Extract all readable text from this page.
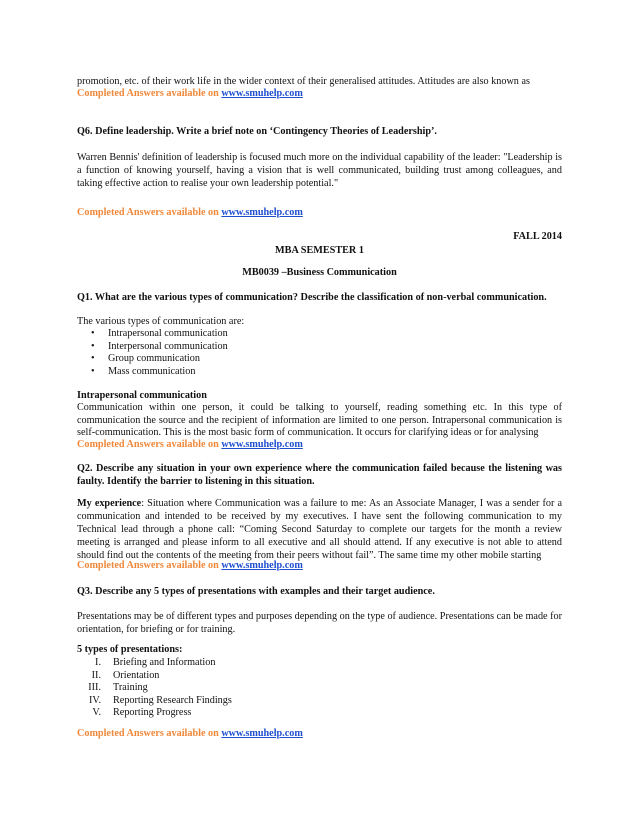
promotion, etc. of their work life in the wider context of their generalised attitudes. Attitudes are also known as

Completed Answers available on www.smuhelp.com

Q6. Define leadership. Write a brief note on ‘Contingency Theories of Leadership’.

Warren Bennis' definition of leadership is focused much more on the individual capability of the leader: "Leadership is a function of knowing yourself, having a vision that is well communicated, building trust among colleagues, and taking effective action to realise your own leadership potential."

Completed Answers available on www.smuhelp.com

FALL 2014

MBA SEMESTER 1

MB0039 –Business Communication

Q1. What are the various types of communication? Describe the classification of non-verbal communication.

The various types of communication are:

• Intrapersonal communication
• Interpersonal communication
• Group communication
• Mass communication

Intrapersonal communication

Communication within one person, it could be talking to yourself, reading something etc. In this type of communication the source and the recipient of information are limited to one person. Intrapersonal communication is self-communication. This is the most basic form of communication. It occurs for clarifying ideas or for analysing

Completed Answers available on www.smuhelp.com

Q2. Describe any situation in your own experience where the communication failed because the listening was faulty. Identify the barrier to listening in this situation.

My experience: Situation where Communication was a failure to me: As an Associate Manager, I was a sender for a communication and intended to be received by my executives. I have sent the following communication to my Technical lead through a phone call: “Coming Second Saturday to complete our targets for the month a review meeting is arranged and please inform to all executive and all should attend. If any executive is not able to attend should find out the contents of the meeting from their peers without fail”. The same time my other mobile starting

Completed Answers available on www.smuhelp.com

Q3. Describe any 5 types of presentations with examples and their target audience.

Presentations may be of different types and purposes depending on the type of audience. Presentations can be made for orientation, for briefing or for training.

5 types of presentations:

I.	Briefing and Information
II.	Orientation
III.	Training
IV.	Reporting Research Findings
V.	Reporting Progress

Completed Answers available on www.smuhelp.com
